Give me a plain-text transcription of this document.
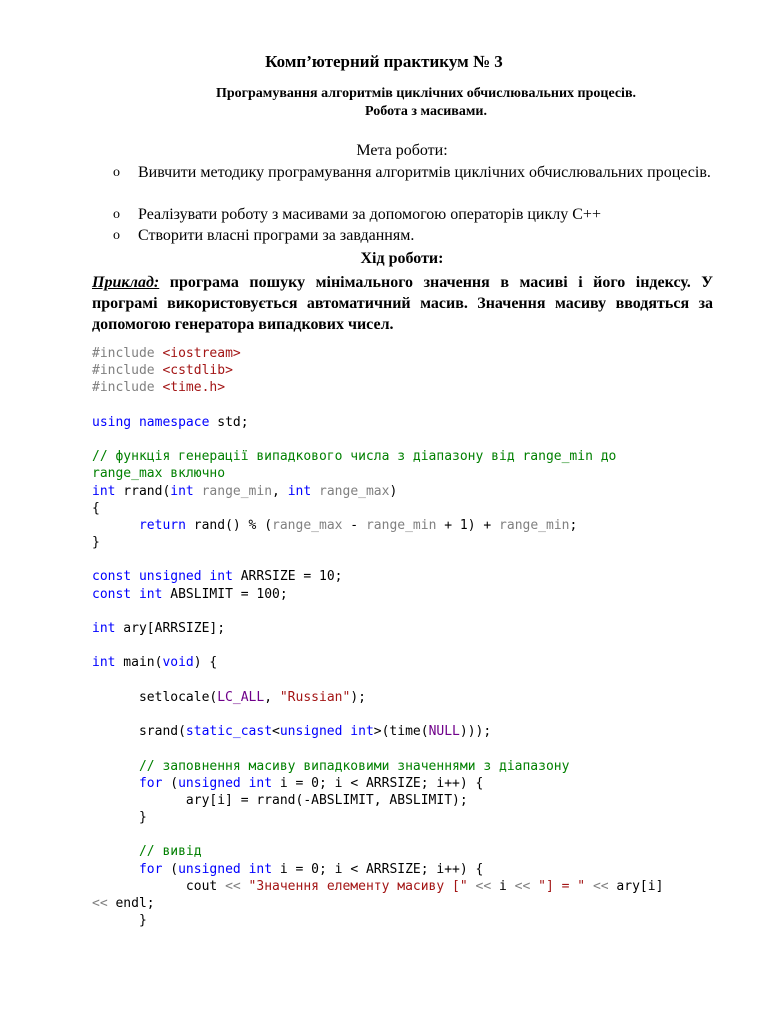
Комп’ютерний практикум № 3
Програмування алгоритмів циклічних обчислювальних процесів.
Робота з масивами.
Мета роботи:
o Вивчити методику програмування алгоритмів циклічних обчислювальних процесів.
o Реалізувати роботу з масивами за допомогою операторів циклу С++
o Створити власні програми за завданням.
Хід роботи:
Приклад: програма пошуку мінімального значення в масиві і його індексу. У програмі використовується автоматичний масив. Значення масиву вводяться за допомогою генератора випадкових чисел.
#include <iostream>
#include <cstdlib>
#include <time.h>

using namespace std;

// функція генерації випадкового числа з діапазону від range_min до
range_max включно
int rrand(int range_min, int range_max)
{
return rand() % (range_max - range_min + 1) + range_min;
}

const unsigned int ARRSIZE = 10;
const int ABSLIMIT = 100;

int ary[ARRSIZE];

int main(void) {

setlocale(LC_ALL, "Russian");

srand(static_cast<unsigned int>(time(NULL)));

// заповнення масиву випадковими значеннями з діапазону
for (unsigned int i = 0; i < ARRSIZE; i++) {
ary[i] = rrand(-ABSLIMIT, ABSLIMIT);
}

// вивід
for (unsigned int i = 0; i < ARRSIZE; i++) {
cout << "Значення елементу масиву [" << i << "] = " << ary[i]
<< endl;
}
